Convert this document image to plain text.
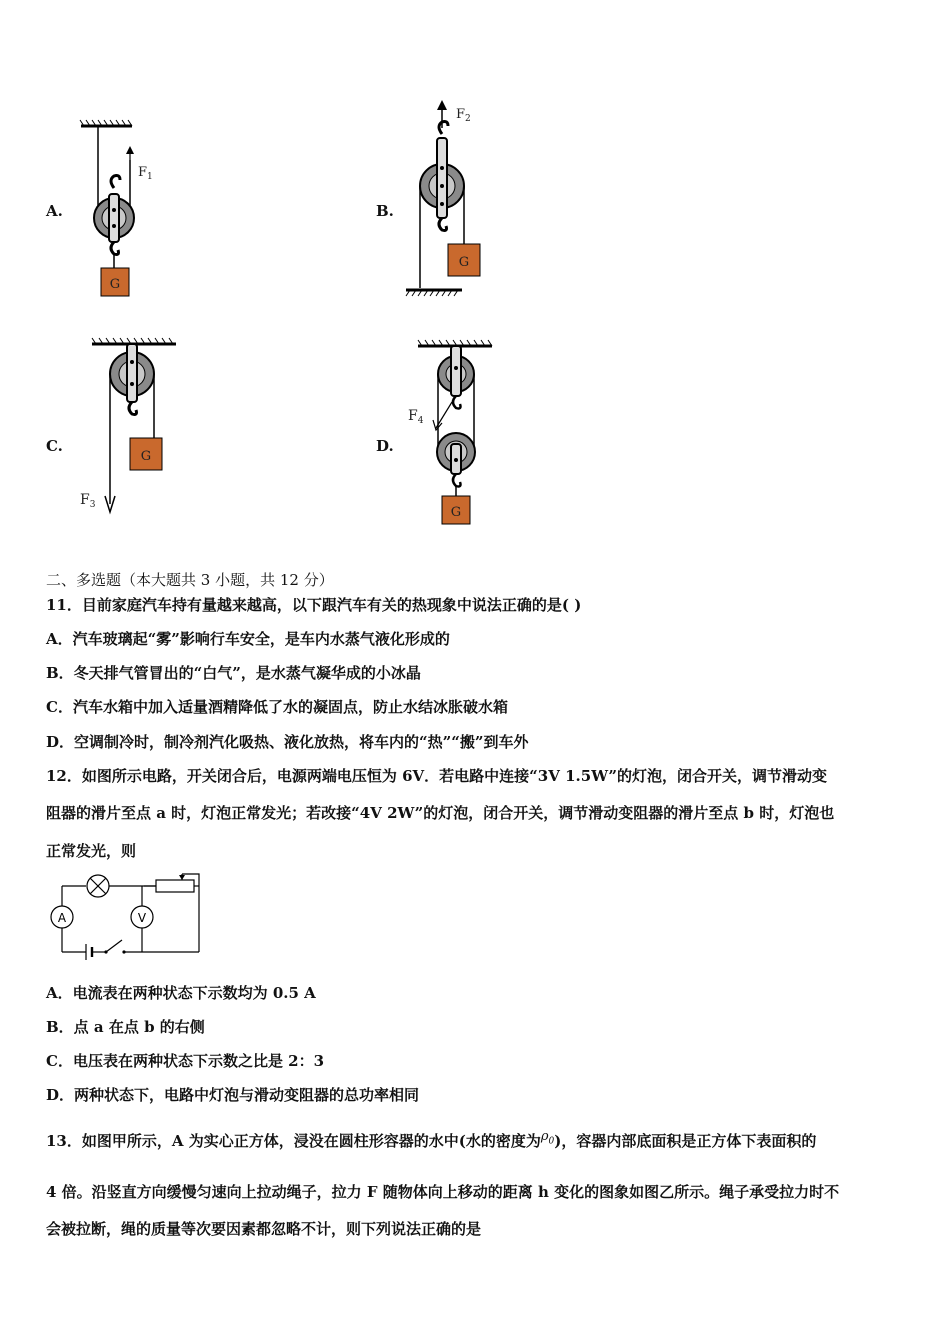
A.
G
$F_1$
B.
G
$F_2$
C.
G
$F_3$
D.
G
$F_4$
二、多选题（本大题共 3 小题，共 12 分）
11．目前家庭汽车持有量越来越高，以下跟汽车有关的热现象中说法正确的是( )
A．汽车玻璃起“雾”影响行车安全，是车内水蒸气液化形成的
B．冬天排气管冒出的“白气”，是水蒸气凝华成的小冰晶
C．汽车水箱中加入适量酒精降低了水的凝固点，防止水结冰胀破水箱
D．空调制冷时，制冷剂汽化吸热、液化放热，将车内的“热”“搬”到车外
12．如图所示电路，开关闭合后，电源两端电压恒为 6V．若电路中连接“3V 1.5W”的灯泡，闭合开关，调节滑动变
阻器的滑片至点 a 时，灯泡正常发光；若改接“4V 2W”的灯泡，闭合开关，调节滑动变阻器的滑片至点 b 时，灯泡也
正常发光，则
A	V
A．电流表在两种状态下示数均为 0.5 A
B．点 a 在点 b 的右侧
C．电压表在两种状态下示数之比是 2：3
D．两种状态下，电路中灯泡与滑动变阻器的总功率相同
13．如图甲所示，A 为实心正方体，浸没在圆柱形容器的水中(水的密度为$\rho_0$)，容器内部底面积是正方体下表面积的
4 倍。沿竖直方向缓慢匀速向上拉动绳子，拉力 F 随物体向上移动的距离 h 变化的图象如图乙所示。绳子承受拉力时不
会被拉断，绳的质量等次要因素都忽略不计，则下列说法正确的是
